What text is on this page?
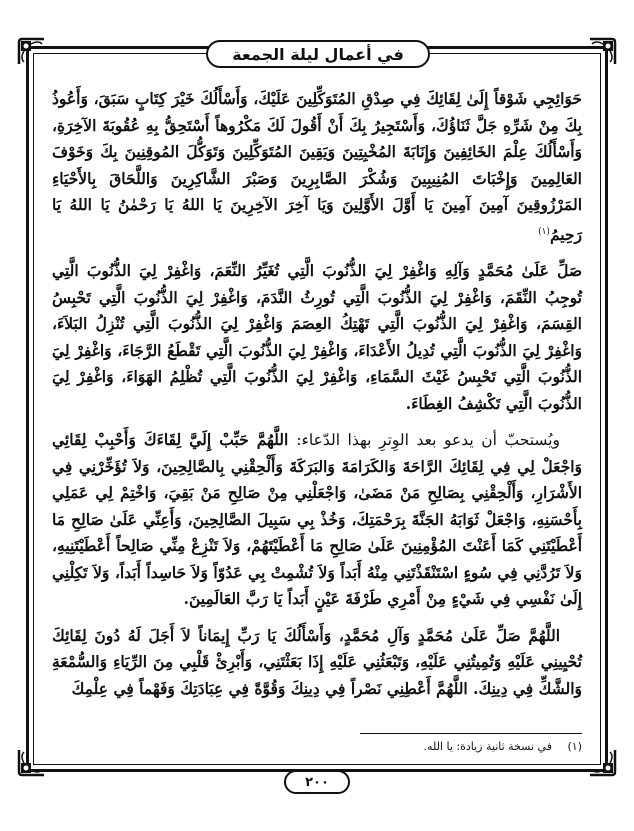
في أعمال ليلة الجمعة

حَوَائِجِي شَوْقاً إِلَىٰ لِقَائِكَ فِي صِدْقِ المُتَوَكِّلِينَ عَلَيْكَ، وَأَسْأَلُكَ خَيْرَ كِتَابٍ سَبَقَ، وَأَعُوذُ بِكَ مِنْ شَرِّهِ جَلَّ ثَنَاؤُكَ، وَأَسْتَجِيرُ بِكَ أَنْ أَقُولَ لَكَ مَكْرُوهاً أَسْتَحِقُّ بِهِ عُقُوبَةَ الآخِرَةِ، وَأَسْأَلُكَ عِلْمَ الخَائِفِينَ وَإِنَابَةَ المُخْبِتِينَ وَيَقِينَ المُتَوَكِّلِينَ وَتَوَكُّلَ المُوقِنِينَ بِكَ وَخَوْفَ العَالِمِينَ وَإِخْبَاتَ المُنِيبِينَ وَشُكْرَ الصَّابِرِينَ وَصَبْرَ الشَّاكِرِينَ وَاللَّحَاقَ بِالأَحْيَاءِ المَرْزُوقِينَ آمِينَ آمِينَ يَا أَوَّلَ الأَوَّلِينَ وَيَا آخِرَ الآخِرِينَ يَا اللهُ يَا رَحْمٰنُ يَا اللهُ يَا رَحِيمُ$^{(١)}$

صَلِّ عَلَىٰ مُحَمَّدٍ وَآلِهِ وَاغْفِرْ لِيَ الذُّنُوبَ الَّتِي تُغَيِّرُ النِّعَمَ، وَاغْفِرْ لِيَ الذُّنُوبَ الَّتِي تُوجِبُ النِّقَمَ، وَاغْفِرْ لِيَ الذُّنُوبَ الَّتِي تُورِثُ النَّدَمَ، وَاغْفِرْ لِيَ الذُّنُوبَ الَّتِي تَحْبِسُ القِسَمَ، وَاغْفِرْ لِيَ الذُّنُوبَ الَّتِي تَهْتِكُ العِصَمَ وَاغْفِرْ لِيَ الذُّنُوبَ الَّتِي تُنْزِلُ البَلاَءَ، وَاغْفِرْ لِيَ الذُّنُوبَ الَّتِي تُدِيلُ الأَعْدَاءَ، وَاغْفِرْ لِيَ الذُّنُوبَ الَّتِي تَقْطَعُ الرَّجَاءَ، وَاغْفِرْ لِيَ الذُّنُوبَ الَّتِي تَحْبِسُ غَيْثَ السَّمَاءِ، وَاغْفِرْ لِيَ الذُّنُوبَ الَّتِي تُظْلِمُ الهَوَاءَ، وَاغْفِرْ لِيَ الذُّنُوبَ الَّتِي تَكْشِفُ الغِطَاءَ.

ويُستحبّ أن يدعو بعد الوِترِ بهذا الدّعاء: اللَّهُمَّ حَبِّبْ إِلَيَّ لِقَاءَكَ وَأَحْبِبْ لِقَائِي وَاجْعَلْ لِي فِي لِقَائِكَ الرَّاحَةَ وَالكَرَامَةَ وَالبَرَكَةَ وَأَلْحِقْنِي بِالصَّالِحِينَ، وَلاَ تُؤَخِّرْنِي فِي الأَشْرَارِ، وَأَلْحِقْنِي بِصَالِحِ مَنْ مَضَىٰ، وَاجْعَلْنِي مِنْ صَالِحِ مَنْ بَقِيَ، وَاخْتِمْ لِي عَمَلِي بِأَحْسَنِهِ، وَاجْعَلْ ثَوَابَهُ الجَنَّةَ بِرَحْمَتِكَ، وَخُذْ بِي سَبِيلَ الصَّالِحِينَ، وَأَعِنِّي عَلَىٰ صَالِحِ مَا أَعْطَيْتَنِي كَمَا أَعَنْتَ المُؤْمِنِينَ عَلَىٰ صَالِحِ مَا أَعْطَيْتَهُمْ، وَلاَ تَنْزِعْ مِنِّي صَالِحاً أَعْطَيْتَنِيهِ، وَلاَ تَرُدَّنِي فِي سُوءٍ اسْتَنْقَذْتَنِي مِنْهُ أَبَداً وَلاَ تُشْمِتْ بِي عَدُوّاً وَلاَ حَاسِداً أَبَداً، وَلاَ تَكِلْنِي إِلَىٰ نَفْسِي فِي شَيْءٍ مِنْ أَمْرِي طَرْفَةَ عَيْنٍ أَبَداً يَا رَبَّ العَالَمِينَ.

اللَّهُمَّ صَلِّ عَلَىٰ مُحَمَّدٍ وَآلِ مُحَمَّدٍ، وَأَسْأَلُكَ يَا رَبِّ إِيمَاناً لاَ أَجَلَ لَهُ دُونَ لِقَائِكَ تُحْيِينِي عَلَيْهِ وَتُمِيتُنِي عَلَيْهِ، وَتَبْعَثُنِي عَلَيْهِ إِذَا بَعَثْتَنِي، وَأَبْرِئْ قَلْبِي مِنَ الرِّيَاءِ وَالسُّمْعَةِ وَالشَّكِّ فِي دِينِكَ. اللَّهُمَّ أَعْطِنِي نَصْراً فِي دِينِكَ وَقُوَّةً فِي عِبَادَتِكَ وَفَهْماً فِي عِلْمِكَ

(١) في نسخة ثانية زيادة: يا الله.
٢٠٠
